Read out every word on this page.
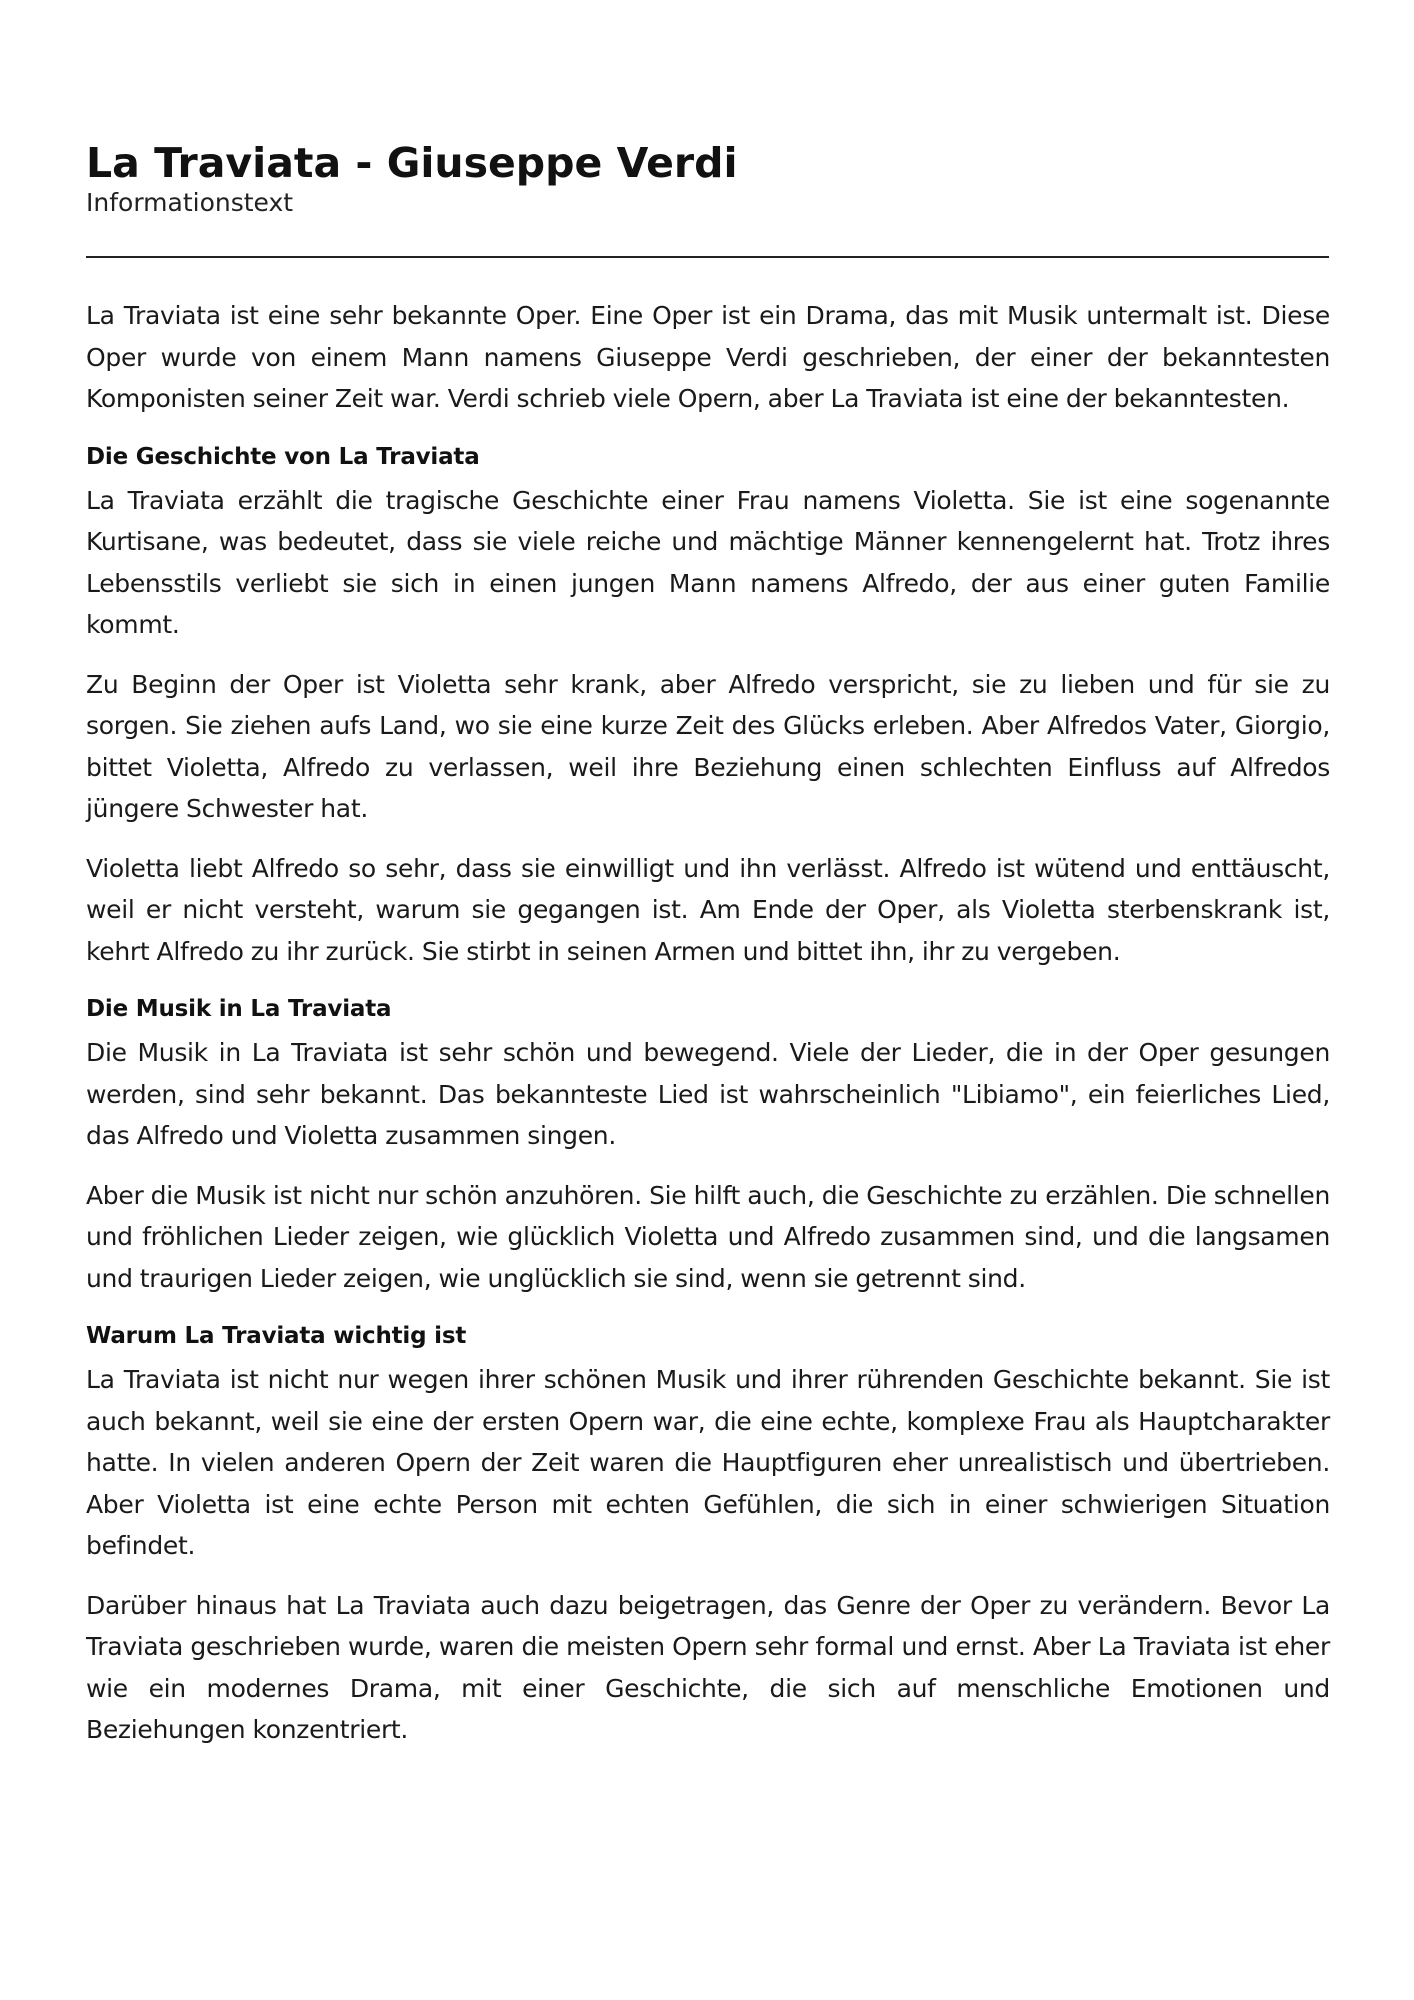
La Traviata - Giuseppe Verdi

Informationstext

La Traviata ist eine sehr bekannte Oper. Eine Oper ist ein Drama, das mit Musik untermalt ist. Diese Oper wurde von einem Mann namens Giuseppe Verdi geschrieben, der einer der bekanntesten Komponisten seiner Zeit war. Verdi schrieb viele Opern, aber La Traviata ist eine der bekanntesten.

Die Geschichte von La Traviata

La Traviata erzählt die tragische Geschichte einer Frau namens Violetta. Sie ist eine sogenannte Kurtisane, was bedeutet, dass sie viele reiche und mächtige Männer kennengelernt hat. Trotz ihres Lebensstils verliebt sie sich in einen jungen Mann namens Alfredo, der aus einer guten Familie kommt.

Zu Beginn der Oper ist Violetta sehr krank, aber Alfredo verspricht, sie zu lieben und für sie zu sorgen. Sie ziehen aufs Land, wo sie eine kurze Zeit des Glücks erleben. Aber Alfredos Vater, Giorgio, bittet Violetta, Alfredo zu verlassen, weil ihre Beziehung einen schlechten Einfluss auf Alfredos jüngere Schwester hat.

Violetta liebt Alfredo so sehr, dass sie einwilligt und ihn verlässt. Alfredo ist wütend und enttäuscht, weil er nicht versteht, warum sie gegangen ist. Am Ende der Oper, als Violetta sterbenskrank ist, kehrt Alfredo zu ihr zurück. Sie stirbt in seinen Armen und bittet ihn, ihr zu vergeben.

Die Musik in La Traviata

Die Musik in La Traviata ist sehr schön und bewegend. Viele der Lieder, die in der Oper gesungen werden, sind sehr bekannt. Das bekannteste Lied ist wahrscheinlich "Libiamo", ein feierliches Lied, das Alfredo und Violetta zusammen singen.

Aber die Musik ist nicht nur schön anzuhören. Sie hilft auch, die Geschichte zu erzählen. Die schnellen und fröhlichen Lieder zeigen, wie glücklich Violetta und Alfredo zusammen sind, und die langsamen und traurigen Lieder zeigen, wie unglücklich sie sind, wenn sie getrennt sind.

Warum La Traviata wichtig ist

La Traviata ist nicht nur wegen ihrer schönen Musik und ihrer rührenden Geschichte bekannt. Sie ist auch bekannt, weil sie eine der ersten Opern war, die eine echte, komplexe Frau als Hauptcharakter hatte. In vielen anderen Opern der Zeit waren die Hauptfiguren eher unrealistisch und übertrieben. Aber Violetta ist eine echte Person mit echten Gefühlen, die sich in einer schwierigen Situation befindet.

Darüber hinaus hat La Traviata auch dazu beigetragen, das Genre der Oper zu verändern. Bevor La Traviata geschrieben wurde, waren die meisten Opern sehr formal und ernst. Aber La Traviata ist eher wie ein modernes Drama, mit einer Geschichte, die sich auf menschliche Emotionen und Beziehungen konzentriert.
